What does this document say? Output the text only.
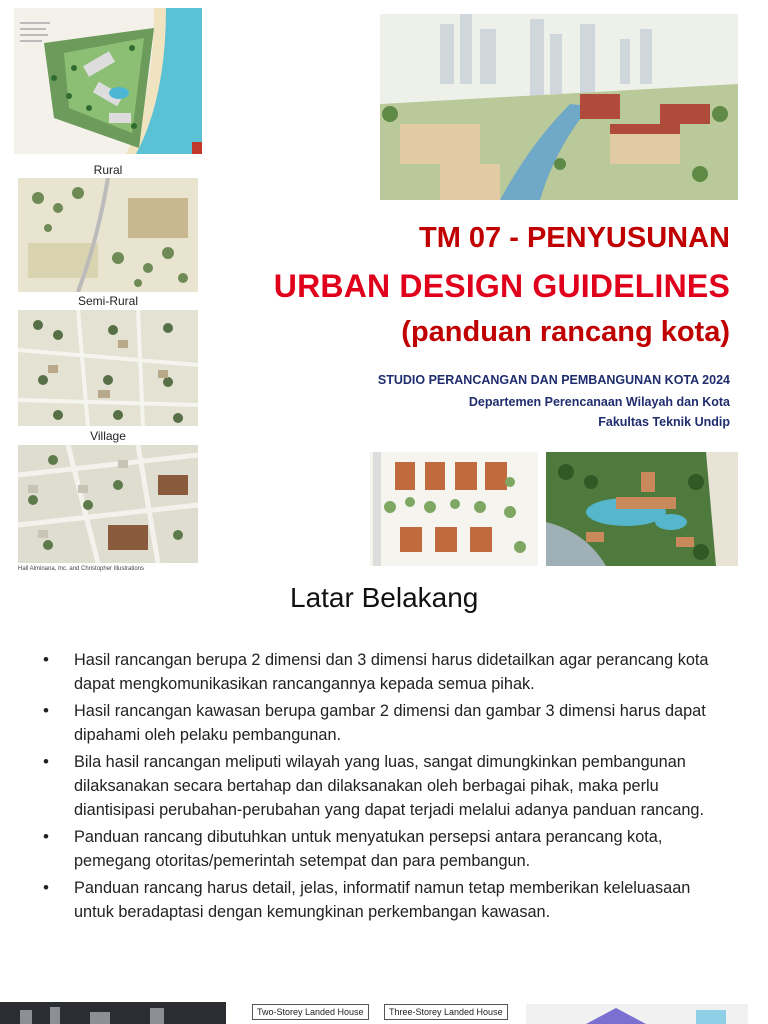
Rural
Semi-Rural
Village
Hall Alminana, Inc. and Christopher Illustrations
TM 07 - PENYUSUNAN
URBAN DESIGN GUIDELINES
(panduan rancang kota)
STUDIO PERANCANGAN DAN PEMBANGUNAN KOTA 2024
Departemen Perencanaan Wilayah dan Kota
Fakultas Teknik Undip
Latar Belakang
• Hasil rancangan berupa 2 dimensi dan 3 dimensi harus didetailkan agar perancang kota dapat mengkomunikasikan rancangannya kepada semua pihak.
• Hasil rancangan kawasan berupa gambar 2 dimensi dan gambar 3 dimensi harus dapat dipahami oleh pelaku pembangunan.
• Bila hasil rancangan meliputi wilayah yang luas, sangat dimungkinkan pembangunan dilaksanakan secara bertahap dan dilaksanakan oleh berbagai pihak, maka perlu diantisipasi perubahan-perubahan yang dapat terjadi melalui adanya panduan rancang.
• Panduan rancang dibutuhkan untuk menyatukan persepsi antara perancang kota, pemegang otoritas/pemerintah setempat dan para pembangun.
• Panduan rancang harus detail, jelas, informatif namun tetap memberikan keleluasaan untuk beradaptasi dengan kemungkinan perkembangan kawasan.
Two-Storey Landed House	Three-Storey Landed House
